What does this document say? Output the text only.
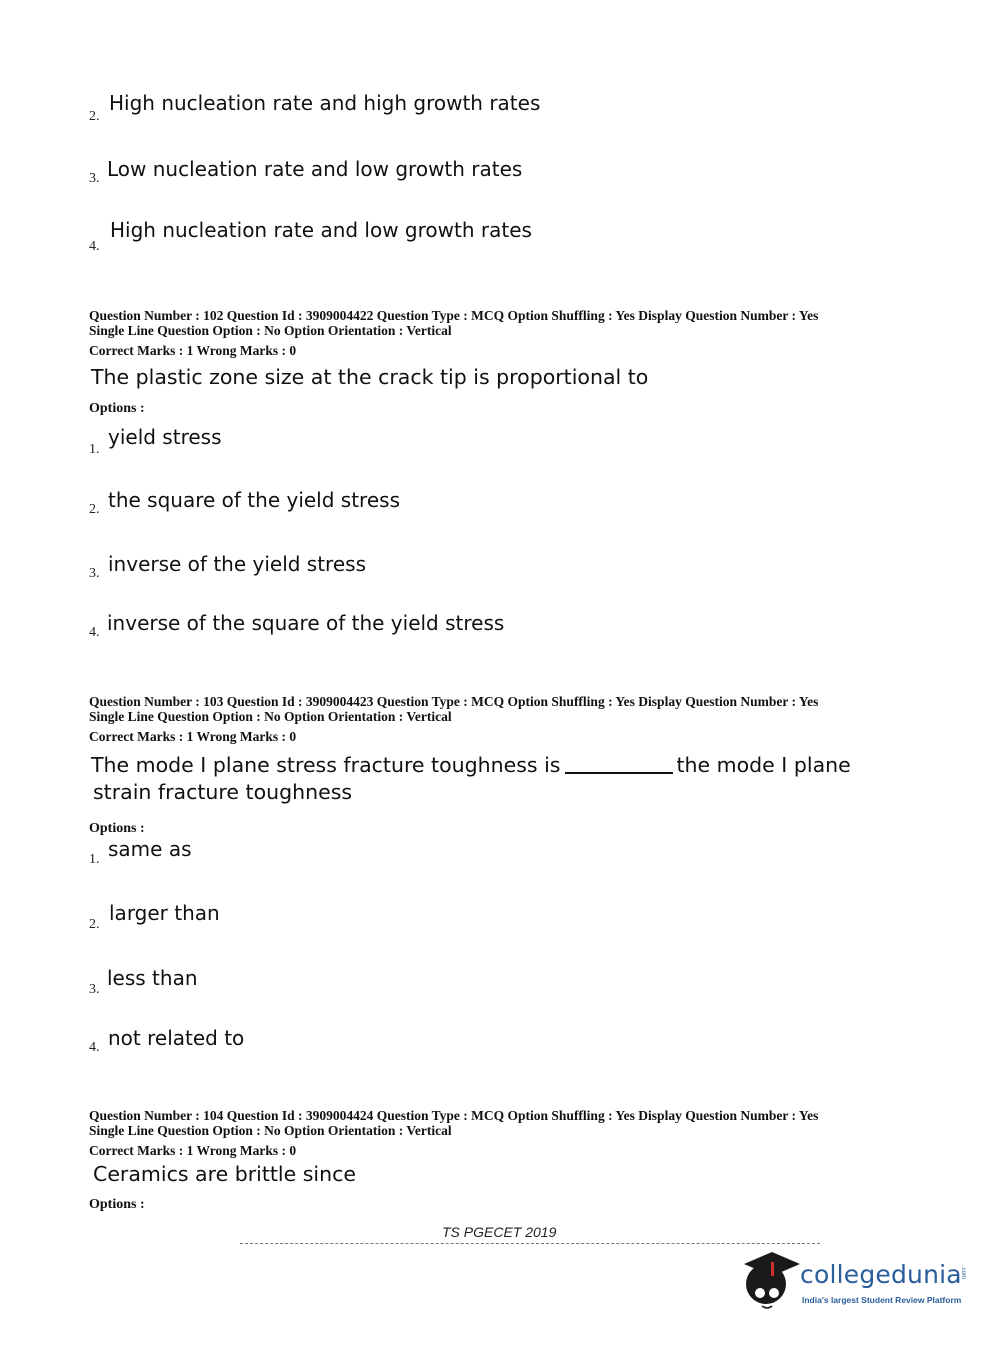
2.
High nucleation rate and high growth rates
3. Low nucleation rate and low growth rates
4.
High nucleation rate and low growth rates
Question Number : 102 Question Id : 3909004422 Question Type : MCQ Option Shuffling : Yes Display Question Number : Yes
Single Line Question Option : No Option Orientation : Vertical
Correct Marks : 1 Wrong Marks : 0
The plastic zone size at the crack tip is proportional to
Options :
1.
yield stress
2. the square of the yield stress
3. inverse of the yield stress
4. inverse of the square of the yield stress
Question Number : 103 Question Id : 3909004423 Question Type : MCQ Option Shuffling : Yes Display Question Number : Yes
Single Line Question Option : No Option Orientation : Vertical
Correct Marks : 1 Wrong Marks : 0
The mode I plane stress fracture toughness is	the mode I plane
strain fracture toughness
Options :
1. same as
2. larger than
3. less than
4. not related to
Question Number : 104 Question Id : 3909004424 Question Type : MCQ Option Shuffling : Yes Display Question Number : Yes
Single Line Question Option : No Option Orientation : Vertical
Correct Marks : 1 Wrong Marks : 0
Ceramics are brittle since
Options :
TS PGECET 2019
collegedunia
.com
India's largest Student Review Platform
